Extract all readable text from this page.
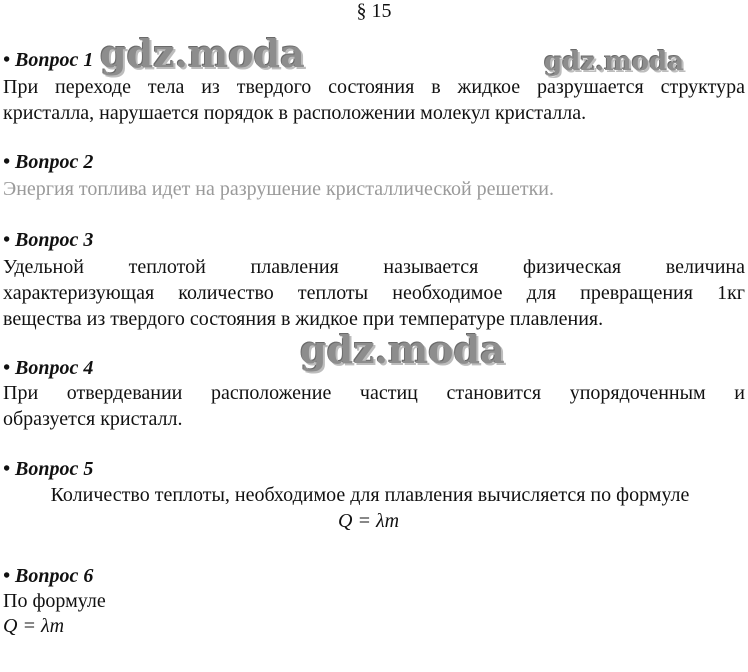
§ 15
• Вопрос 1
При переходе тела из твердого состояния в жидкое разрушается структура
кристалла, нарушается порядок в расположении молекул кристалла.
• Вопрос 2
Энергия топлива идет на разрушение кристаллической решетки.
• Вопрос 3
Удельной теплотой плавления называется физическая величина
характеризующая количество теплоты необходимое для превращения 1кг
вещества из твердого состояния в жидкое при температуре плавления.
• Вопрос 4
При отвердевании расположение частиц становится упорядоченным и
образуется кристалл.
• Вопрос 5
Количество теплоты, необходимое для плавления вычисляется по формуле
Q = λm
• Вопрос 6
По формуле
Q = λm
gdz.moda	gdz.moda
gdz.moda
